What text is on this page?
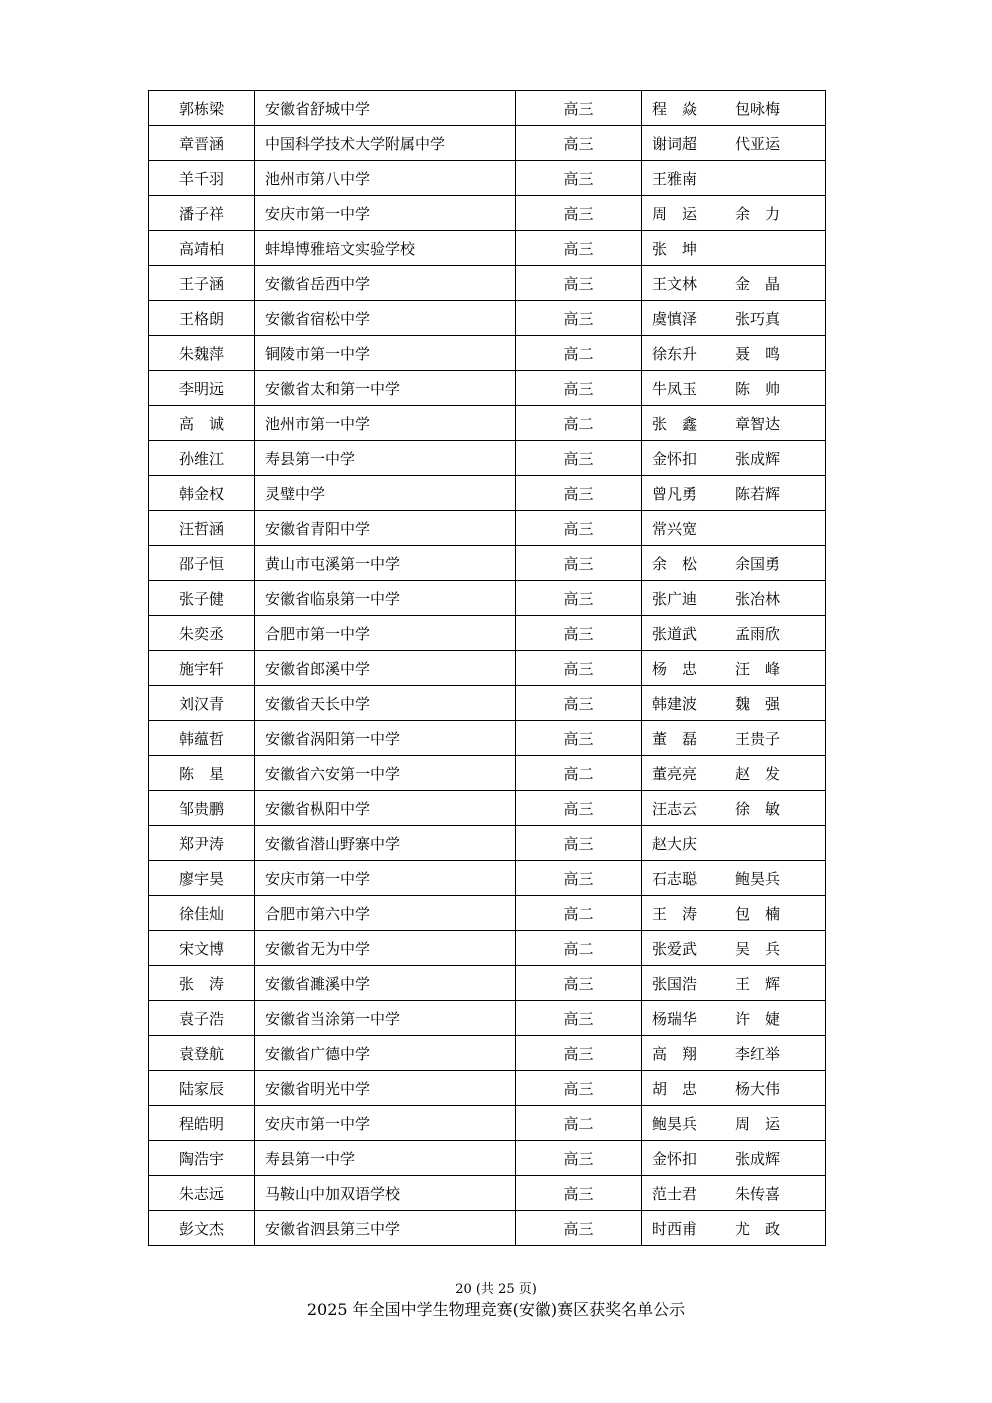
郭栋梁	安徽省舒城中学	高三	程　焱 包咏梅
章晋涵	中国科学技术大学附属中学	高三	谢词超 代亚运
羊千羽	池州市第八中学	高三	王雅南
潘子祥	安庆市第一中学	高三	周　运 余　力
高靖柏	蚌埠博雅培文实验学校	高三	张　坤
王子涵	安徽省岳西中学	高三	王文林 金　晶
王格朗	安徽省宿松中学	高三	虞慎泽 张巧真
朱魏萍	铜陵市第一中学	高二	徐东升 聂　鸣
李明远	安徽省太和第一中学	高三	牛凤玉 陈　帅
高　诚	池州市第一中学	高二	张　鑫 章智达
孙维江	寿县第一中学	高三	金怀扣 张成辉
韩金权	灵璧中学	高三	曾凡勇 陈若辉
汪哲涵	安徽省青阳中学	高三	常兴宽
邵子恒	黄山市屯溪第一中学	高三	余　松 余国勇
张子健	安徽省临泉第一中学	高三	张广迪 张冶林
朱奕丞	合肥市第一中学	高三	张道武 孟雨欣
施宇轩	安徽省郎溪中学	高三	杨　忠 汪　峰
刘汉青	安徽省天长中学	高三	韩建波 魏　强
韩蕴哲	安徽省涡阳第一中学	高三	董　磊 王贵子
陈　星	安徽省六安第一中学	高二	董亮亮 赵　发
邹贵鹏	安徽省枞阳中学	高三	汪志云 徐　敏
郑尹涛	安徽省潜山野寨中学	高三	赵大庆
廖宇昊	安庆市第一中学	高三	石志聪 鲍昊兵
徐佳灿	合肥市第六中学	高二	王　涛 包　楠
宋文博	安徽省无为中学	高二	张爱武 吴　兵
张　涛	安徽省濉溪中学	高三	张国浩 王　辉
袁子浩	安徽省当涂第一中学	高三	杨瑞华 许　婕
袁登航	安徽省广德中学	高三	高　翔 李红举
陆家辰	安徽省明光中学	高三	胡　忠 杨大伟
程皓明	安庆市第一中学	高二	鲍昊兵 周　运
陶浩宇	寿县第一中学	高三	金怀扣 张成辉
朱志远	马鞍山中加双语学校	高三	范士君 朱传喜
彭文杰	安徽省泗县第三中学	高三	时西甫 尤　政
20 (共 25 页)
2025 年全国中学生物理竞赛(安徽)赛区获奖名单公示
